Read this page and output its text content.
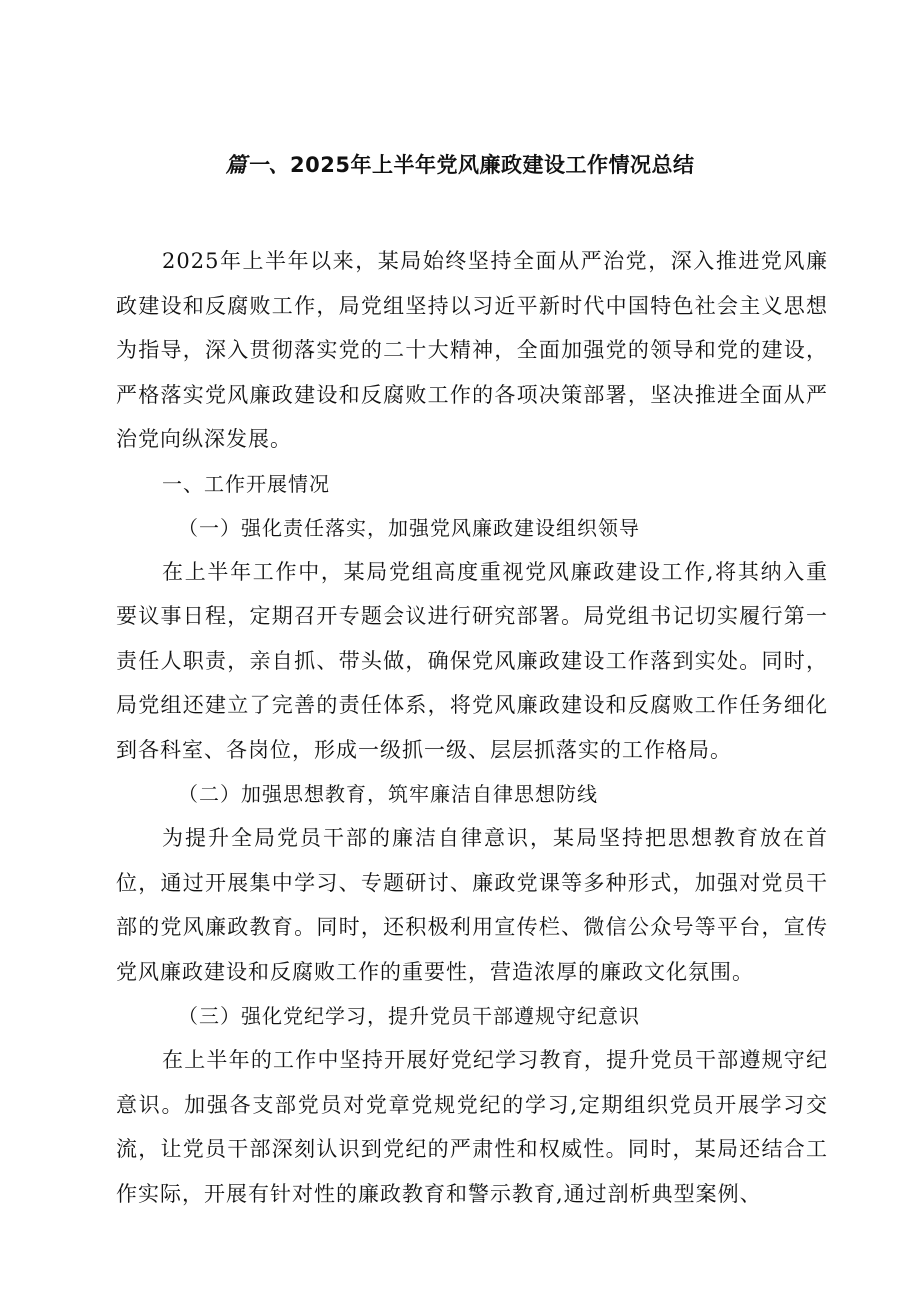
篇一、2025年上半年党风廉政建设工作情况总结

2025年上半年以来，某局始终坚持全面从严治党，深入推进党风廉政建设和反腐败工作，局党组坚持以习近平新时代中国特色社会主义思想为指导，深入贯彻落实党的二十大精神，全面加强党的领导和党的建设，严格落实党风廉政建设和反腐败工作的各项决策部署，坚决推进全面从严治党向纵深发展。

一、工作开展情况

（一）强化责任落实，加强党风廉政建设组织领导

在上半年工作中，某局党组高度重视党风廉政建设工作,将其纳入重要议事日程，定期召开专题会议进行研究部署。局党组书记切实履行第一责任人职责，亲自抓、带头做，确保党风廉政建设工作落到实处。同时，局党组还建立了完善的责任体系，将党风廉政建设和反腐败工作任务细化到各科室、各岗位，形成一级抓一级、层层抓落实的工作格局。

（二）加强思想教育，筑牢廉洁自律思想防线

为提升全局党员干部的廉洁自律意识，某局坚持把思想教育放在首位，通过开展集中学习、专题研讨、廉政党课等多种形式，加强对党员干部的党风廉政教育。同时，还积极利用宣传栏、微信公众号等平台，宣传党风廉政建设和反腐败工作的重要性，营造浓厚的廉政文化氛围。

（三）强化党纪学习，提升党员干部遵规守纪意识

在上半年的工作中坚持开展好党纪学习教育，提升党员干部遵规守纪意识。加强各支部党员对党章党规党纪的学习,定期组织党员开展学习交流，让党员干部深刻认识到党纪的严肃性和权威性。同时，某局还结合工作实际，开展有针对性的廉政教育和警示教育,通过剖析典型案例、
